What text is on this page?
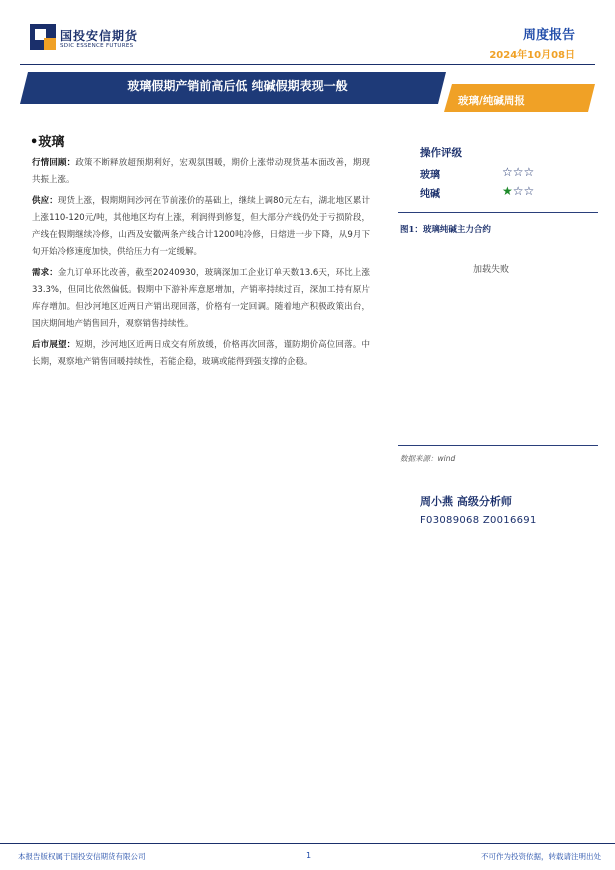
国投安信期货
SDIC ESSENCE FUTURES
周度报告
2024年10月08日
玻璃假期产销前高后低 纯碱假期表现一般
玻璃/纯碱周报
•玻璃

行情回顾：政策不断释放超预期利好，宏观氛围暖，期价上涨带动现货基本面改善，期现共振上涨。

供应：现货上涨，假期期间沙河在节前涨价的基础上，继续上调80元左右，湖北地区累计上涨110-120元/吨，其他地区均有上涨，利润得到修复，但大部分产线仍处于亏损阶段，产线在假期继续冷修，山西及安徽两条产线合计1200吨冷修，日熔进一步下降，从9月下旬开始冷修速度加快，供给压力有一定缓解。

需求：金九订单环比改善，截至20240930，玻璃深加工企业订单天数13.6天，环比上涨33.3%，但同比依然偏低。假期中下游补库意愿增加，产销率持续过百，深加工持有原片库存增加。但沙河地区近两日产销出现回落，价格有一定回调。随着地产积极政策出台，国庆期间地产销售回升，观察销售持续性。

后市展望：短期，沙河地区近两日成交有所放缓，价格再次回落，谨防期价高位回落。中长期，观察地产销售回暖持续性，若能企稳，玻璃或能得到强支撑的企稳。

操作评级
玻璃	☆☆☆
纯碱	★☆☆
图1：玻璃纯碱主力合约
加载失败
数据来源：wind
周小燕 高级分析师
F03089068 Z0016691
本报告版权属于国投安信期货有限公司	1	不可作为投资依据，转载请注明出处
